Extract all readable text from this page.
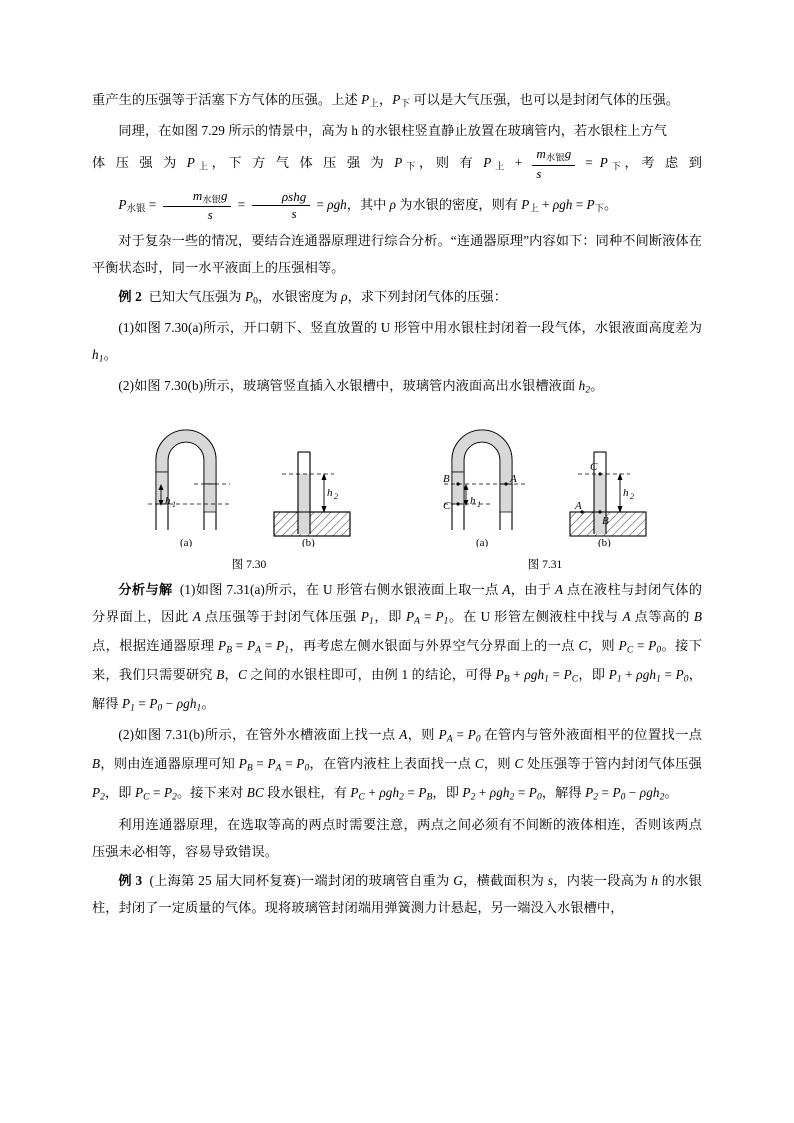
重产生的压强等于活塞下方气体的压强。上述 $P_上$，$P_下$ 可以是大气压强，也可以是封闭气体的压强。

同理，在如图 7.29 所示的情景中，高为 h 的水银柱竖直静止放置在玻璃管内，若水银柱上方气

体 压 强 为 $P_上$，下 方 气 体 压 强 为 $P_下$，则 有 $P_上 + \frac{m_{水银}g}{s} = P_下$，考 虑 到

$P_{水银} = \frac{m_{水银}g}{s} = \frac{\text{ρshg}}{s} = \rho gh$，其中 ρ 为水银的密度，则有 $P_上 + \rho gh = P_下$。

对于复杂一些的情况，要结合连通器原理进行综合分析。“连通器原理”内容如下：同种不间断液体在平衡状态时，同一水平液面上的压强相等。

例 2  已知大气压强为 $P_0$，水银密度为 ρ，求下列封闭气体的压强：

(1)如图 7.30(a)所示，开口朝下、竖直放置的 U 形管中用水银柱封闭着一段气体，水银液面高度差为 $h_1$。

(2)如图 7.30(b)所示，玻璃管竖直插入水银槽中，玻璃管内液面高出水银槽液面 $h_2$。

h 1
h 2
(a)	(b)
图 7.30
B	A
C h 1
C
A
B
h 2
(a)	(b)
图 7.31

分析与解  (1)如图 7.31(a)所示，在 U 形管右侧水银液面上取一点 A，由于 A 点在液柱与封闭气体的分界面上，因此 A 点压强等于封闭气体压强 $P_1$，即 $P_A = P_1$。在 U 形管左侧液柱中找与 A 点等高的 B 点，根据连通器原理 $P_B = P_A = P_1$，再考虑左侧水银面与外界空气分界面上的一点 C，则 $P_C = P_0$。接下来，我们只需要研究 B，C 之间的水银柱即可，由例 1 的结论，可得 $P_B + \rho gh_1 = P_C$，即 $P_1 + \rho gh_1 = P_0$，解得 $P_1 = P_0 - \rho gh_1$。

(2)如图 7.31(b)所示，在管外水槽液面上找一点 A，则 $P_A = P_0$ 在管内与管外液面相平的位置找一点 B，则由连通器原理可知 $P_B = P_A = P_0$，在管内液柱上表面找一点 C，则 C 处压强等于管内封闭气体压强 $P_2$，即 $P_C = P_2$。接下来对 BC 段水银柱，有 $P_C + \rho gh_2 = P_B$，即 $P_2 + \rho gh_2 = P_0$，解得 $P_2 = P_0 - \rho gh_2$。

利用连通器原理，在选取等高的两点时需要注意，两点之间必须有不间断的液体相连，否则该两点压强未必相等，容易导致错误。

例 3  (上海第 25 届大同杯复赛)一端封闭的玻璃管自重为 G，横截面积为 s，内装一段高为 h 的水银柱，封闭了一定质量的气体。现将玻璃管封闭端用弹簧测力计悬起，另一端没入水银槽中，
